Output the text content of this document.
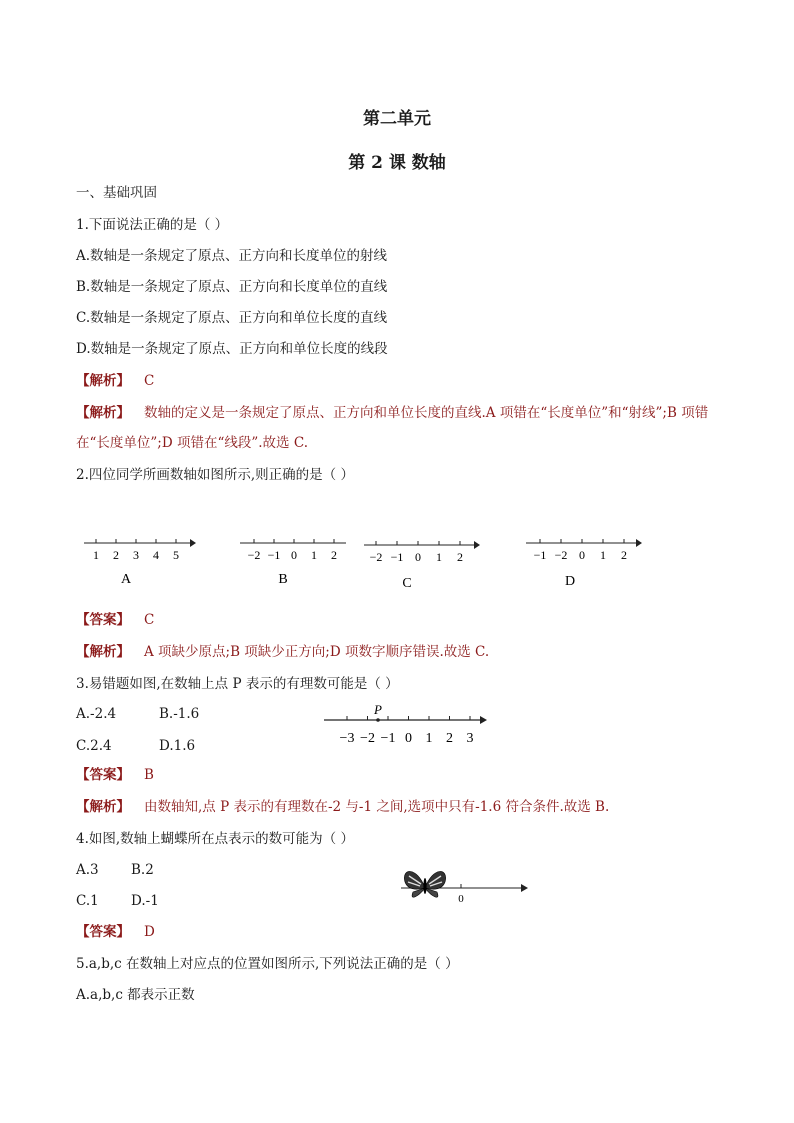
第二单元
第 2 课 数轴
一、基础巩固
1.下面说法正确的是（ ）
A.数轴是一条规定了原点、正方向和长度单位的射线
B.数轴是一条规定了原点、正方向和长度单位的直线
C.数轴是一条规定了原点、正方向和单位长度的直线
D.数轴是一条规定了原点、正方向和单位长度的线段
【解析】 C
【解析】 数轴的定义是一条规定了原点、正方向和单位长度的直线.A 项错在“长度单位”和“射线”;B 项错
在“长度单位”;D 项错在“线段”.故选 C.
2.四位同学所画数轴如图所示,则正确的是（ ）
A
1 2 3 4 5
B
−2 −1 0 1 2
C
−2 −1 0 1 2
D
−1 −2 0 1 2
【答案】 C
【解析】 A 项缺少原点;B 项缺少正方向;D 项数字顺序错误.故选 C.
3.易错题如图,在数轴上点 P 表示的有理数可能是（ ）
A.-2.4	B.-1.6
C.2.4	D.1.6
P
−3 −2 −1 0 1 2 3
【答案】 B
【解析】 由数轴知,点 P 表示的有理数在-2 与-1 之间,选项中只有-1.6 符合条件.故选 B.
4.如图,数轴上蝴蝶所在点表示的数可能为（ ）
A.3 B.2
C.1 D.-1	0
【答案】 D
5.a,b,c 在数轴上对应点的位置如图所示,下列说法正确的是（ ）
A.a,b,c 都表示正数
